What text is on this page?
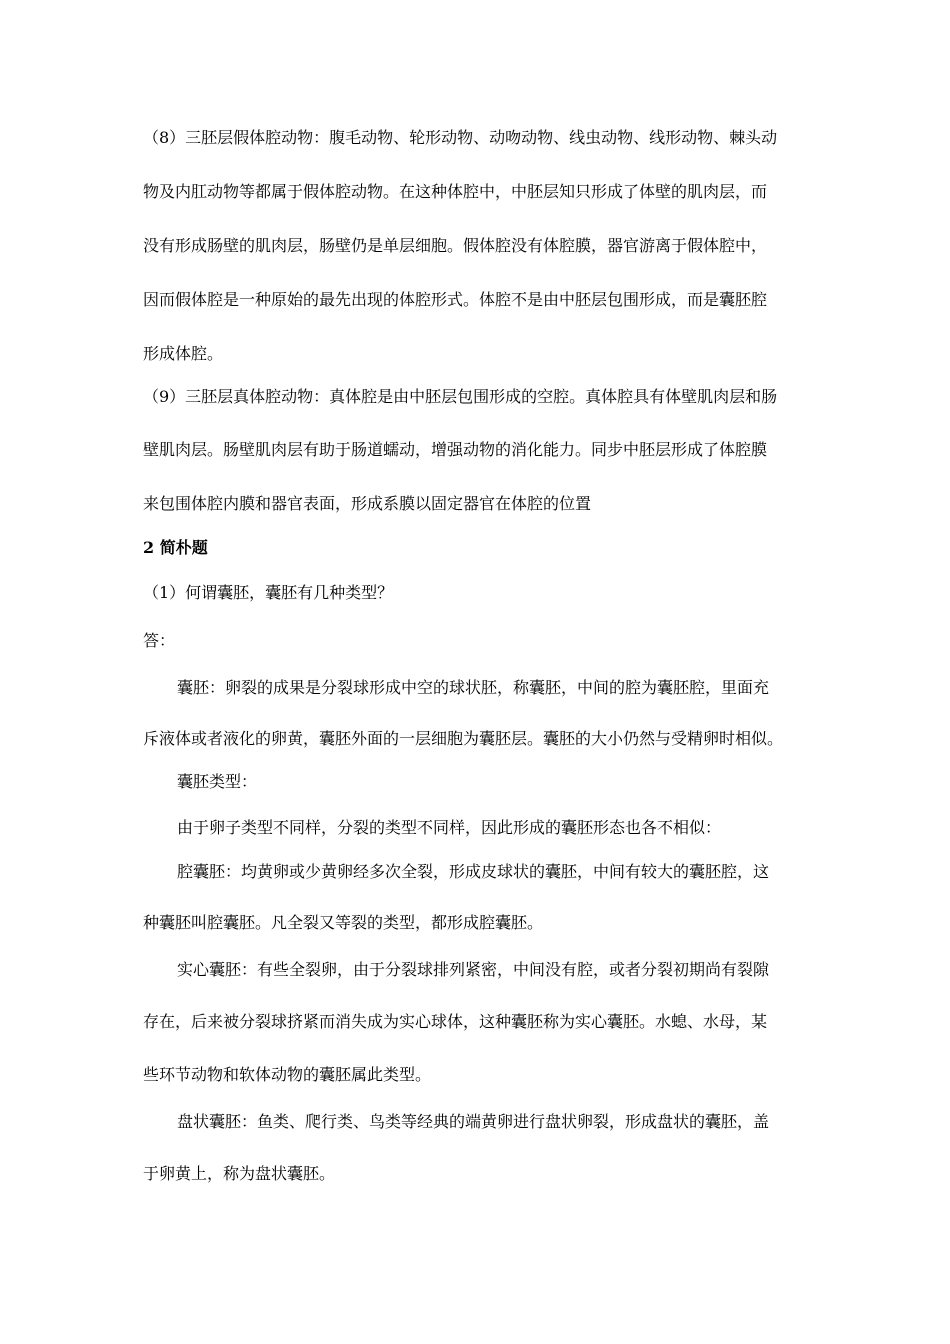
（8）三胚层假体腔动物：腹毛动物、轮形动物、动吻动物、线虫动物、线形动物、棘头动
物及内肛动物等都属于假体腔动物。在这种体腔中，中胚层知只形成了体壁的肌肉层，而
没有形成肠壁的肌肉层，肠壁仍是单层细胞。假体腔没有体腔膜，器官游离于假体腔中，
因而假体腔是一种原始的最先出现的体腔形式。体腔不是由中胚层包围形成，而是囊胚腔
形成体腔。
（9）三胚层真体腔动物：真体腔是由中胚层包围形成的空腔。真体腔具有体壁肌肉层和肠
壁肌肉层。肠壁肌肉层有助于肠道蠕动，增强动物的消化能力。同步中胚层形成了体腔膜
来包围体腔内膜和器官表面，形成系膜以固定器官在体腔的位置
2 简朴题
（1）何谓囊胚，囊胚有几种类型？
答：
囊胚：卵裂的成果是分裂球形成中空的球状胚，称囊胚，中间的腔为囊胚腔，里面充
斥液体或者液化的卵黄，囊胚外面的一层细胞为囊胚层。囊胚的大小仍然与受精卵时相似。
囊胚类型：
由于卵子类型不同样，分裂的类型不同样，因此形成的囊胚形态也各不相似：
腔囊胚：均黄卵或少黄卵经多次全裂，形成皮球状的囊胚，中间有较大的囊胚腔，这
种囊胚叫腔囊胚。凡全裂又等裂的类型，都形成腔囊胚。
实心囊胚：有些全裂卵，由于分裂球排列紧密，中间没有腔，或者分裂初期尚有裂隙
存在，后来被分裂球挤紧而消失成为实心球体，这种囊胚称为实心囊胚。水螅、水母，某
些环节动物和软体动物的囊胚属此类型。
盘状囊胚：鱼类、爬行类、鸟类等经典的端黄卵进行盘状卵裂，形成盘状的囊胚，盖
于卵黄上，称为盘状囊胚。
